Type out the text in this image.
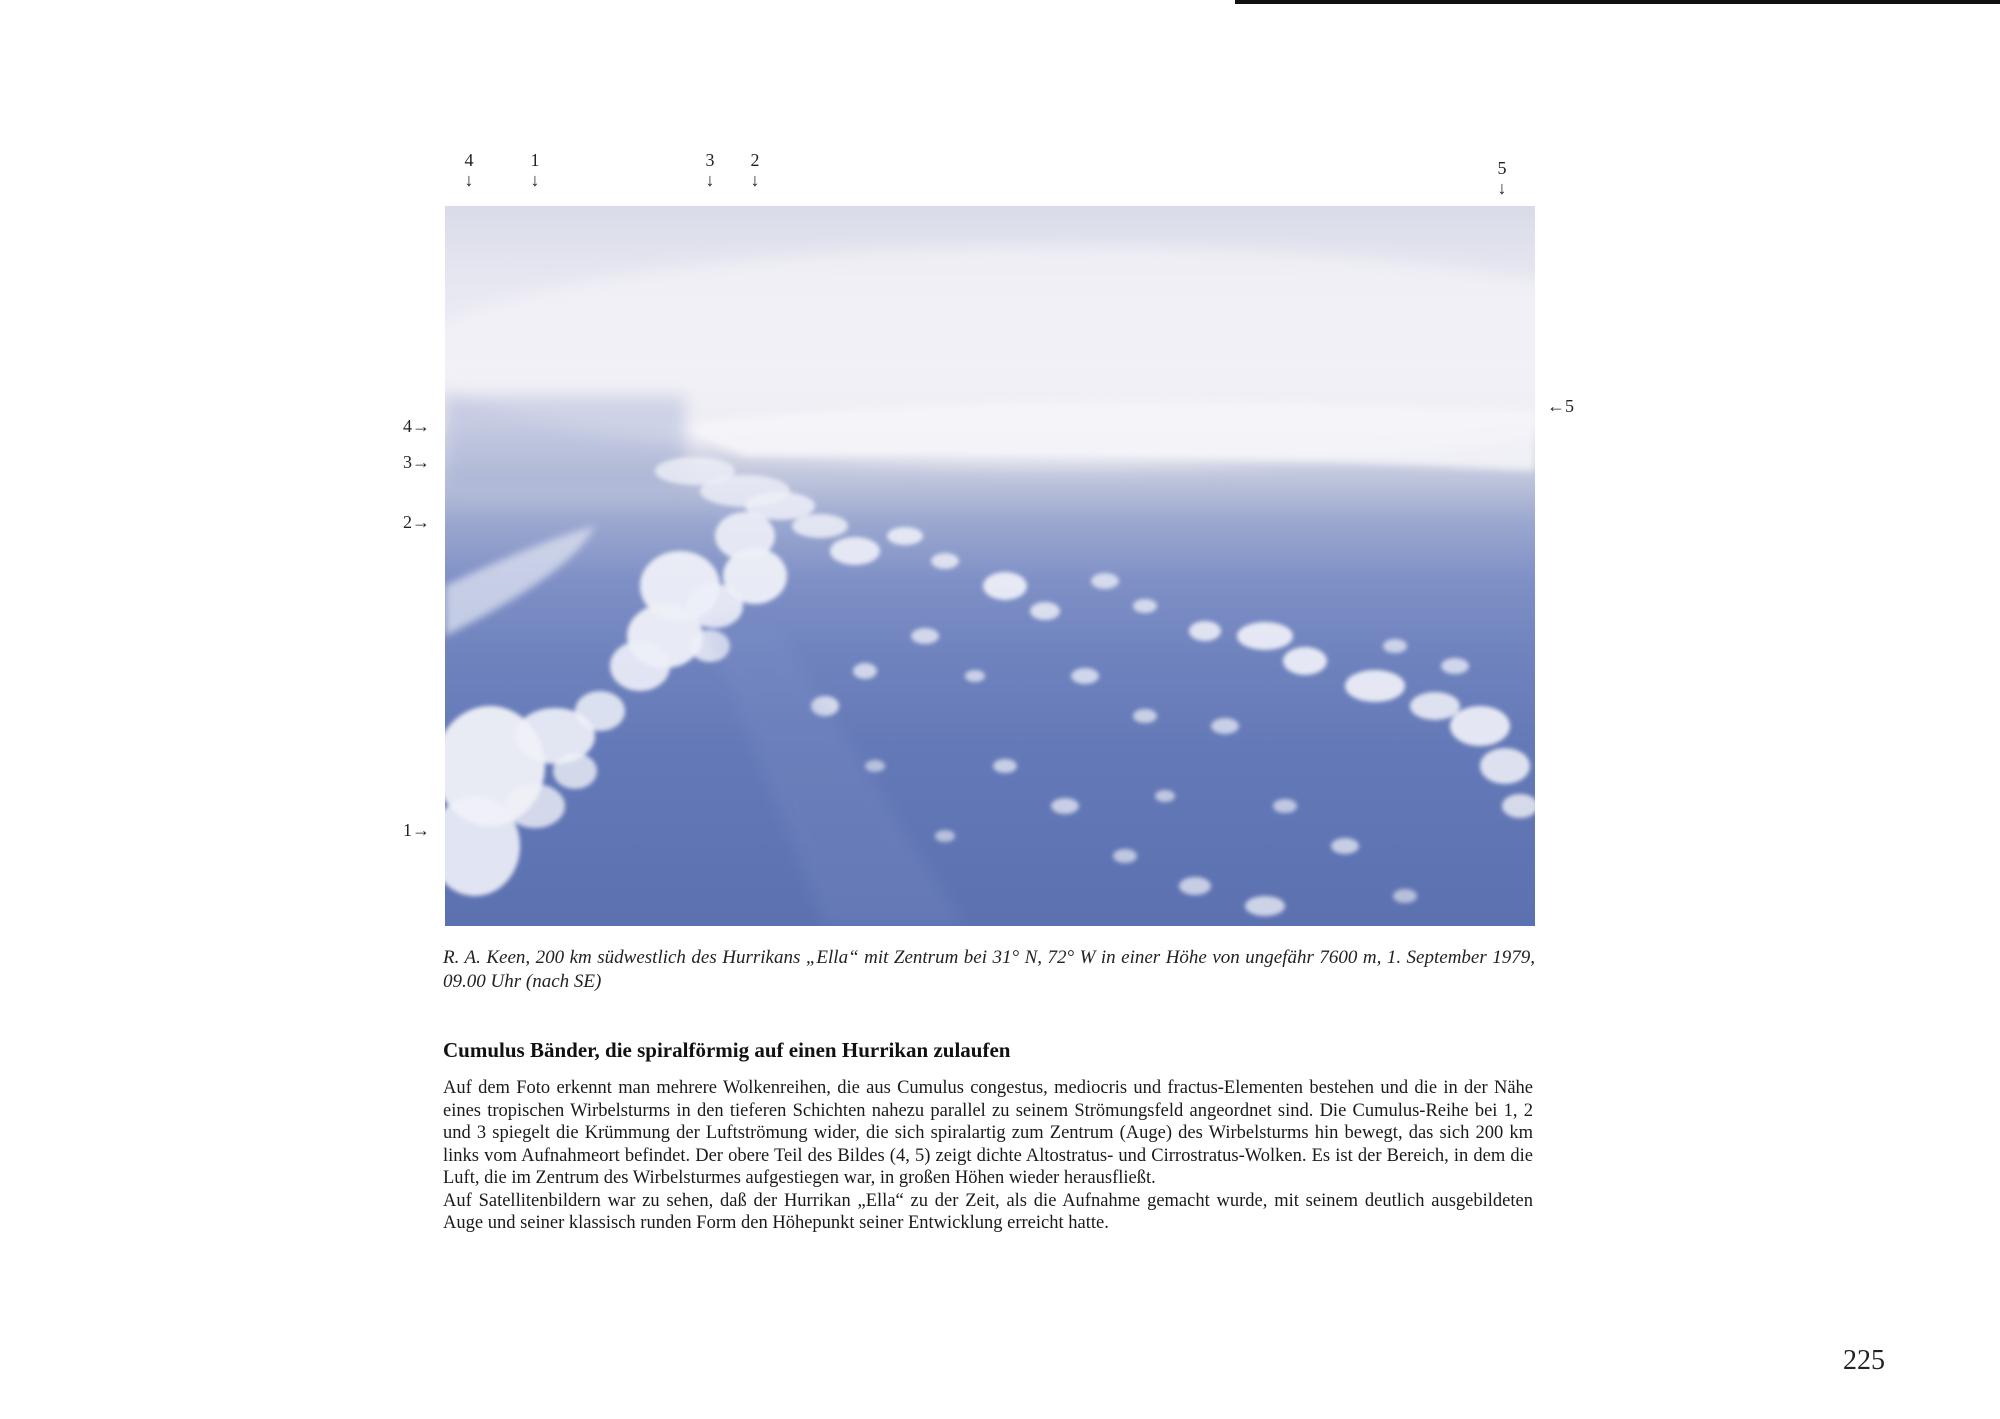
4
↓
1
↓
3
↓
2
↓
5
↓
4→
3→
2→
1→
←5
R. A. Keen, 200 km südwestlich des Hurrikans „Ella“ mit Zentrum bei 31° N, 72° W in einer Höhe von ungefähr 7600 m, 1. September 1979, 09.00 Uhr (nach SE)
Cumulus Bänder, die spiralförmig auf einen Hurrikan zulaufen

Auf dem Foto erkennt man mehrere Wolkenreihen, die aus Cumulus congestus, mediocris und fractus-Elementen bestehen und die in der Nähe eines tropischen Wirbelsturms in den tieferen Schichten nahezu parallel zu seinem Strömungsfeld angeordnet sind. Die Cumulus-Reihe bei 1, 2 und 3 spiegelt die Krümmung der Luftströmung wider, die sich spiralartig zum Zentrum (Auge) des Wirbelsturms hin bewegt, das sich 200 km links vom Aufnahmeort befindet. Der obere Teil des Bildes (4, 5) zeigt dichte Altostratus- und Cirrostratus-Wolken. Es ist der Bereich, in dem die Luft, die im Zentrum des Wirbelsturmes aufgestiegen war, in großen Höhen wieder herausfließt.

Auf Satellitenbildern war zu sehen, daß der Hurrikan „Ella“ zu der Zeit, als die Aufnahme gemacht wurde, mit seinem deutlich ausgebildeten Auge und seiner klassisch runden Form den Höhepunkt seiner Entwicklung erreicht hatte.

225
